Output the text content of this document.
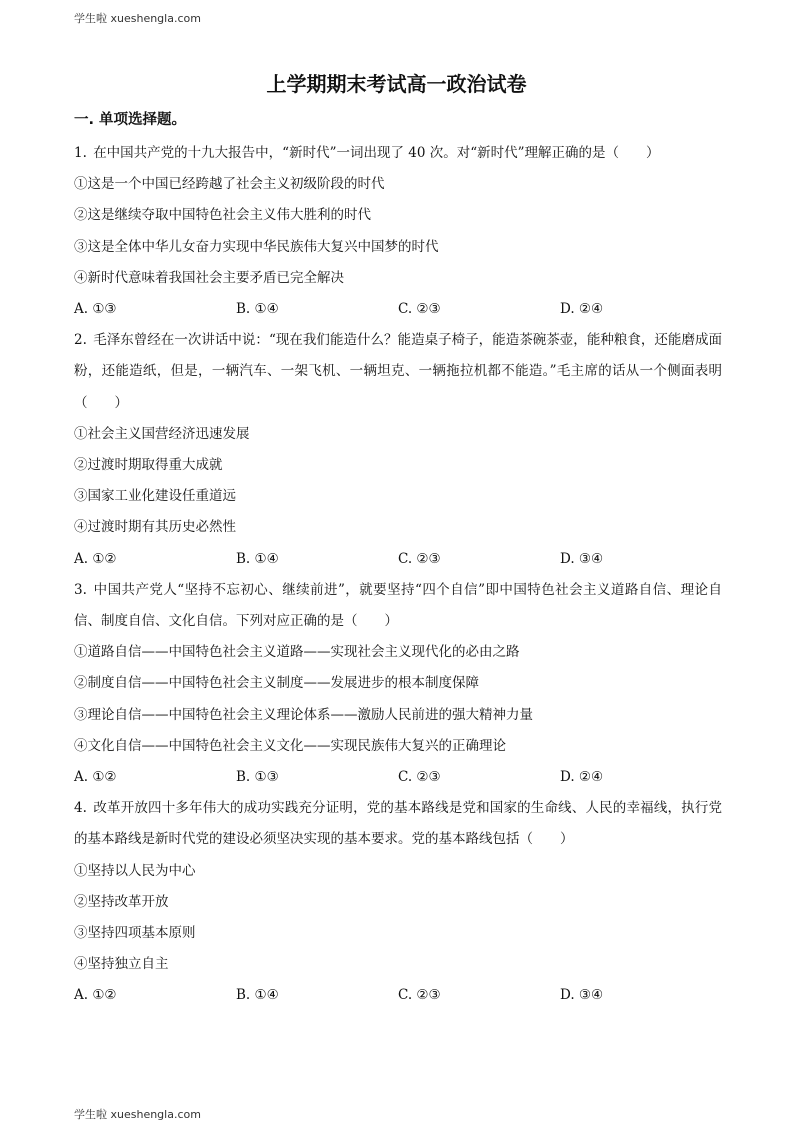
学生啦 xueshengla.com
上学期期末考试高一政治试卷
一. 单项选择题。

1. 在中国共产党的十九大报告中，“新时代”一词出现了 40 次。对“新时代”理解正确的是（　　）

①这是一个中国已经跨越了社会主义初级阶段的时代

②这是继续夺取中国特色社会主义伟大胜利的时代

③这是全体中华儿女奋力实现中华民族伟大复兴中国梦的时代

④新时代意味着我国社会主要矛盾已完全解决

A. ①③	B. ①④	C. ②③	D. ②④

2. 毛泽东曾经在一次讲话中说：“现在我们能造什么？能造桌子椅子，能造茶碗茶壶，能种粮食，还能磨成面粉，还能造纸，但是，一辆汽车、一架飞机、一辆坦克、一辆拖拉机都不能造。”毛主席的话从一个侧面表明（　　）

①社会主义国营经济迅速发展

②过渡时期取得重大成就

③国家工业化建设任重道远

④过渡时期有其历史必然性

A. ①②	B. ①④	C. ②③	D. ③④

3. 中国共产党人“坚持不忘初心、继续前进”，就要坚持“四个自信”即中国特色社会主义道路自信、理论自信、制度自信、文化自信。下列对应正确的是（　　）

①道路自信——中国特色社会主义道路——实现社会主义现代化的必由之路

②制度自信——中国特色社会主义制度——发展进步的根本制度保障

③理论自信——中国特色社会主义理论体系——激励人民前进的强大精神力量

④文化自信——中国特色社会主义文化——实现民族伟大复兴的正确理论

A. ①②	B. ①③	C. ②③	D. ②④

4. 改革开放四十多年伟大的成功实践充分证明，党的基本路线是党和国家的生命线、人民的幸福线，执行党的基本路线是新时代党的建设必须坚决实现的基本要求。党的基本路线包括（　　）

①坚持以人民为中心

②坚持改革开放

③坚持四项基本原则

④坚持独立自主

A. ①②	B. ①④	C. ②③	D. ③④
学生啦 xueshengla.com
